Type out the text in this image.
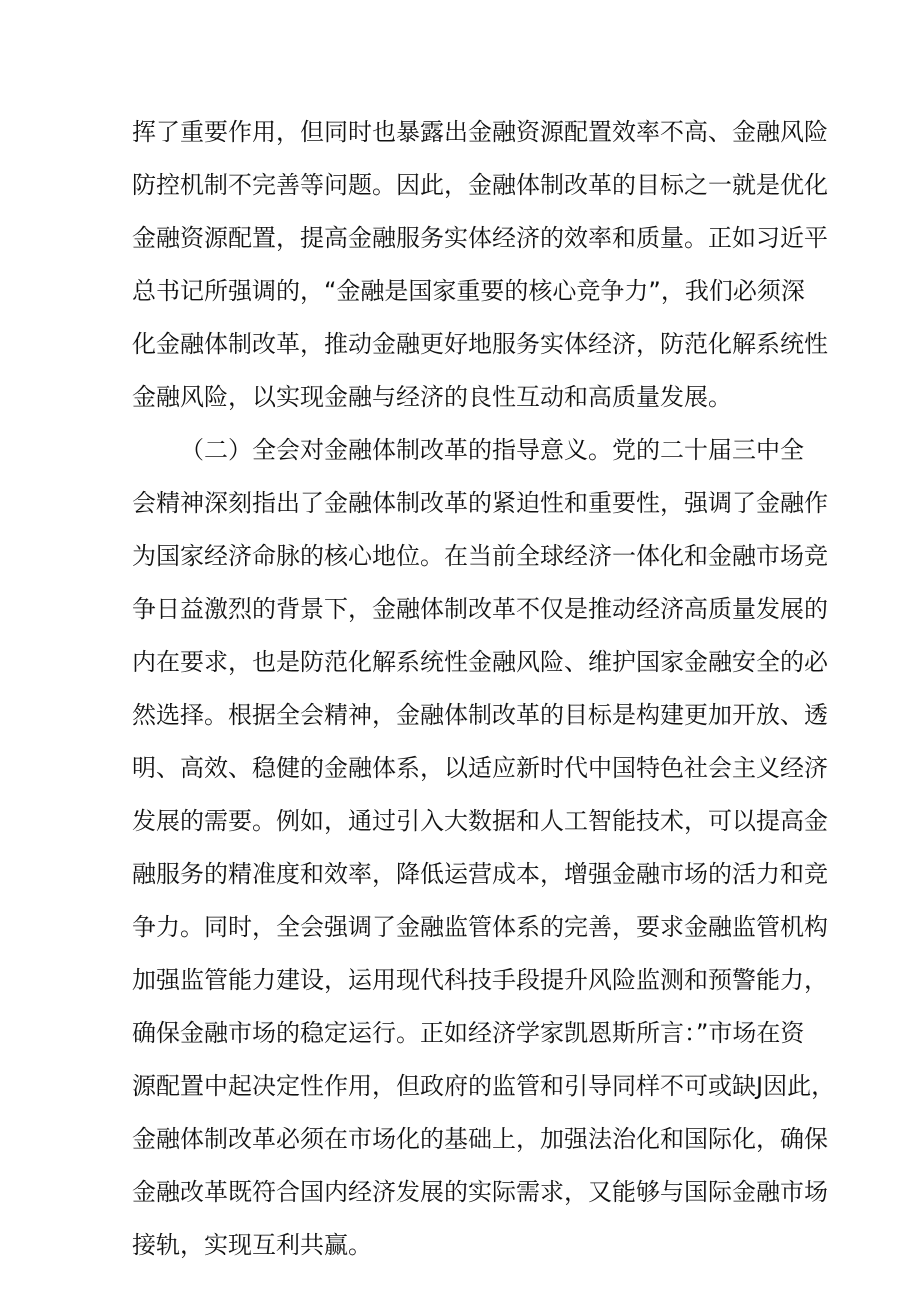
挥了重要作用，但同时也暴露出金融资源配置效率不高、金融风险
防控机制不完善等问题。因此，金融体制改革的目标之一就是优化
金融资源配置，提高金融服务实体经济的效率和质量。正如习近平
总书记所强调的，“金融是国家重要的核心竞争力”，我们必须深
化金融体制改革，推动金融更好地服务实体经济，防范化解系统性
金融风险，以实现金融与经济的良性互动和高质量发展。
（二）全会对金融体制改革的指导意义。党的二十届三中全
会精神深刻指出了金融体制改革的紧迫性和重要性，强调了金融作
为国家经济命脉的核心地位。在当前全球经济一体化和金融市场竞
争日益激烈的背景下，金融体制改革不仅是推动经济高质量发展的
内在要求，也是防范化解系统性金融风险、维护国家金融安全的必
然选择。根据全会精神，金融体制改革的目标是构建更加开放、透
明、高效、稳健的金融体系，以适应新时代中国特色社会主义经济
发展的需要。例如，通过引入大数据和人工智能技术，可以提高金
融服务的精准度和效率，降低运营成本，增强金融市场的活力和竞
争力。同时，全会强调了金融监管体系的完善，要求金融监管机构
加强监管能力建设，运用现代科技手段提升风险监测和预警能力，
确保金融市场的稳定运行。正如经济学家凯恩斯所言：”市场在资
源配置中起决定性作用，但政府的监管和引导同样不可或缺J因此，
金融体制改革必须在市场化的基础上，加强法治化和国际化，确保
金融改革既符合国内经济发展的实际需求，又能够与国际金融市场
接轨，实现互利共赢。
